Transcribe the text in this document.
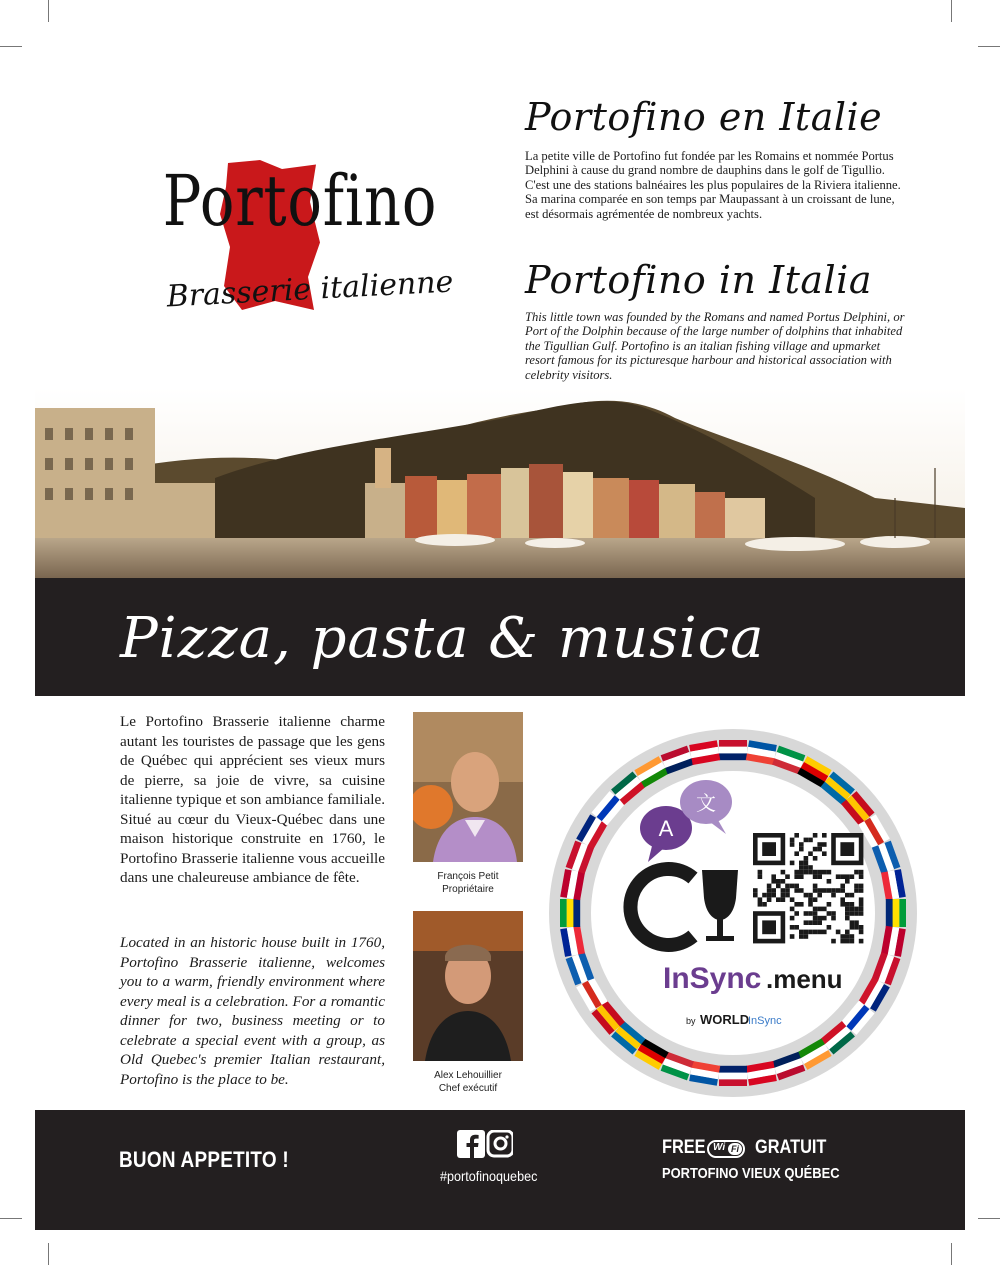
Portofino
Brasserie italienne
Portofino en Italie

La petite ville de Portofino fut fondée par les Romains et nommée Portus Delphini à cause du grand nombre de dauphins dans le golf de Tigullio. C'est une des stations balnéaires les plus populaires de la Riviera italienne. Sa marina comparée en son temps par Maupassant à un croissant de lune, est désormais agrémentée de nombreux yachts.

Portofino in Italia

This little town was founded by the Romans and named Portus Delphini, or Port of the Dolphin because of the large number of dolphins that inhabited the Tigullian Gulf. Portofino is an italian fishing village and upmarket resort famous for its picturesque harbour and historical association with celebrity visitors.

Pizza, pasta & musica

Le Portofino Brasserie italienne charme autant les touristes de passage que les gens de Québec qui apprécient ses vieux murs de pierre, sa joie de vivre, sa cuisine italienne typique et son ambiance familiale. Situé au cœur du Vieux-Québec dans une maison historique construite en 1760, le Portofino Brasserie italienne vous accueille dans une chaleureuse ambiance de fête.

Located in an historic house built in 1760, Portofino Brasserie italienne, welcomes you to a warm, friendly environment where every meal is a celebration. For a romantic dinner for two, business meeting or to celebrate a special event with a group, as Old Quebec's premier Italian restaurant, Portofino is the place to be.

François Petit
Propriétaire
Alex Lehouillier
Chef exécutif
A
文
InSync .menu
by WORLD
InSync
BUON APPETITO !
#portofinoquebec
FREE Wi Fi GRATUIT
PORTOFINO VIEUX QUÉBEC
